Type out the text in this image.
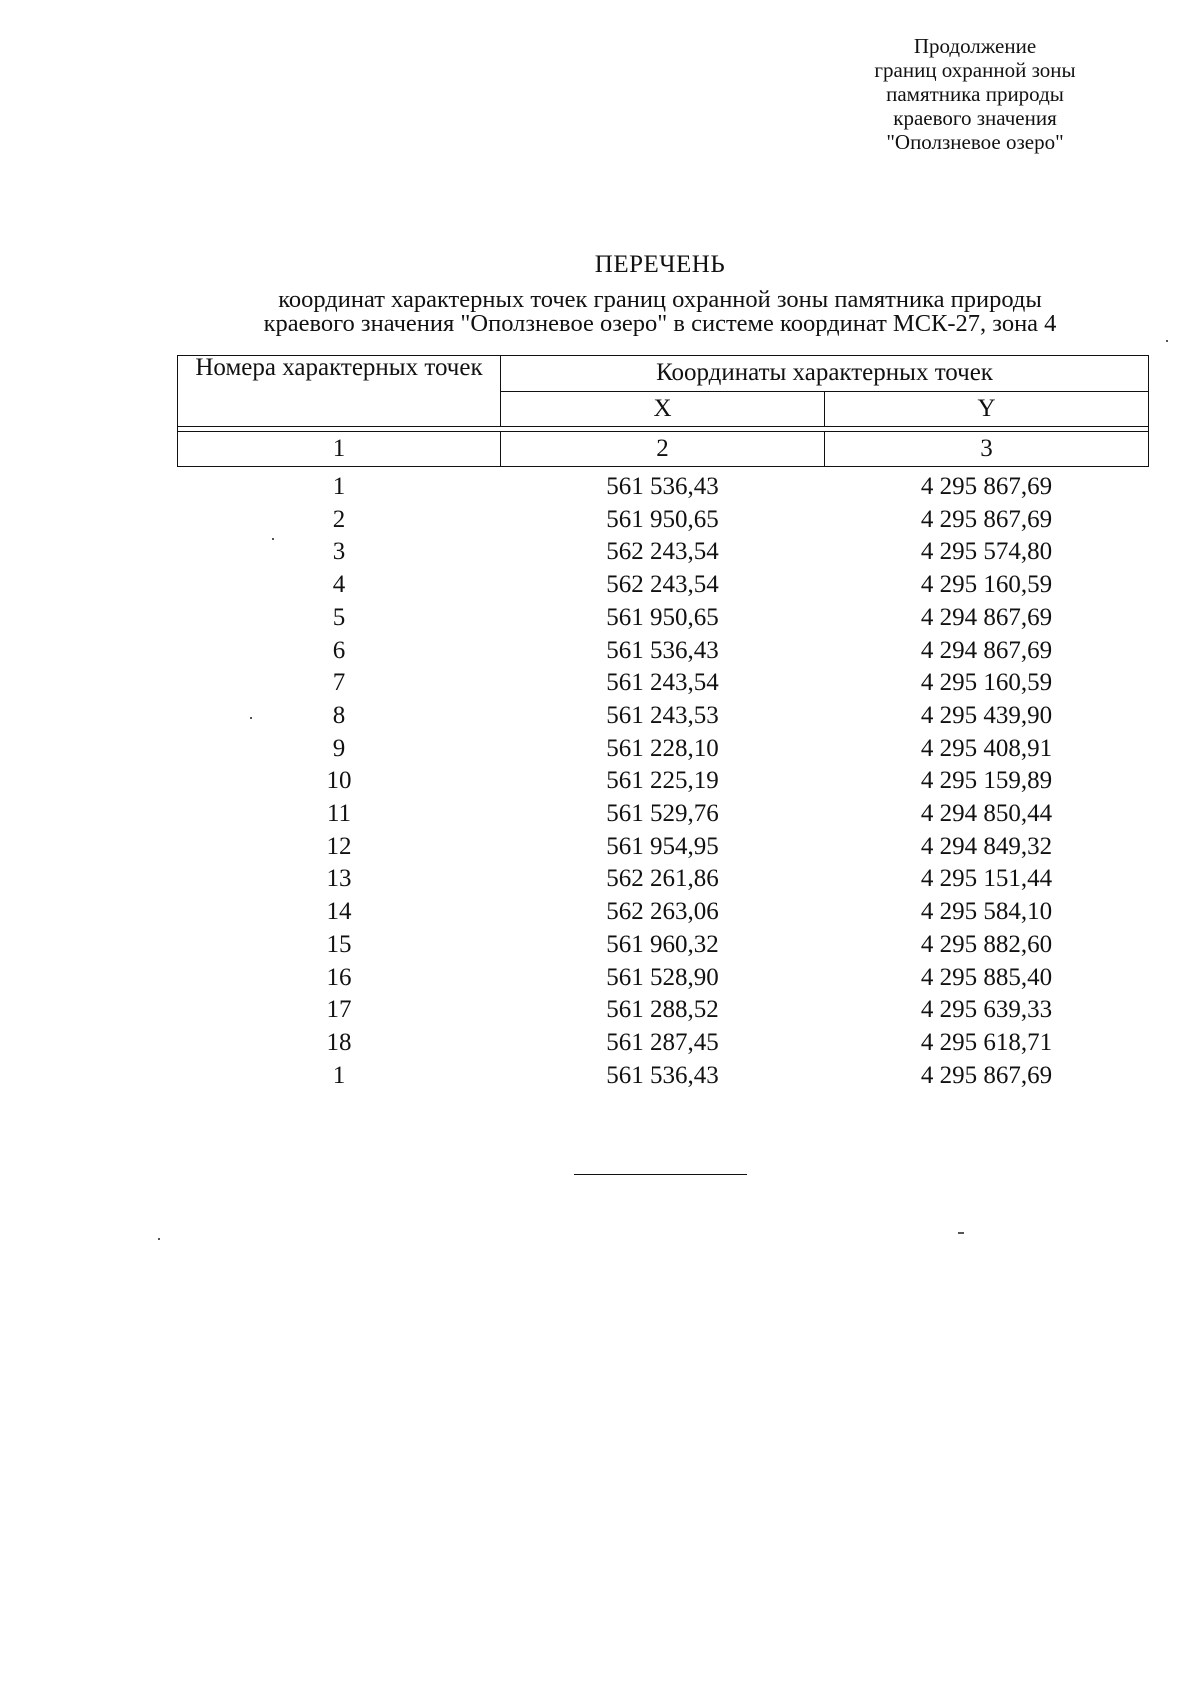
Продолжение
границ охранной зоны
памятника природы
краевого значения
"Оползневое озеро"
ПЕРЕЧЕНЬ
координат характерных точек границ охранной зоны памятника природы
краевого значения "Оползневое озеро" в системе координат МСК-27, зона 4
Номера характерных точек	Координаты характерных точек	
	X	Y

1	2	3
1	561 536,43	4 295 867,69
2	561 950,65	4 295 867,69
3	562 243,54	4 295 574,80
4	562 243,54	4 295 160,59
5	561 950,65	4 294 867,69
6	561 536,43	4 294 867,69
7	561 243,54	4 295 160,59
8	561 243,53	4 295 439,90
9	561 228,10	4 295 408,91
10	561 225,19	4 295 159,89
11	561 529,76	4 294 850,44
12	561 954,95	4 294 849,32
13	562 261,86	4 295 151,44
14	562 263,06	4 295 584,10
15	561 960,32	4 295 882,60
16	561 528,90	4 295 885,40
17	561 288,52	4 295 639,33
18	561 287,45	4 295 618,71
1	561 536,43	4 295 867,69
